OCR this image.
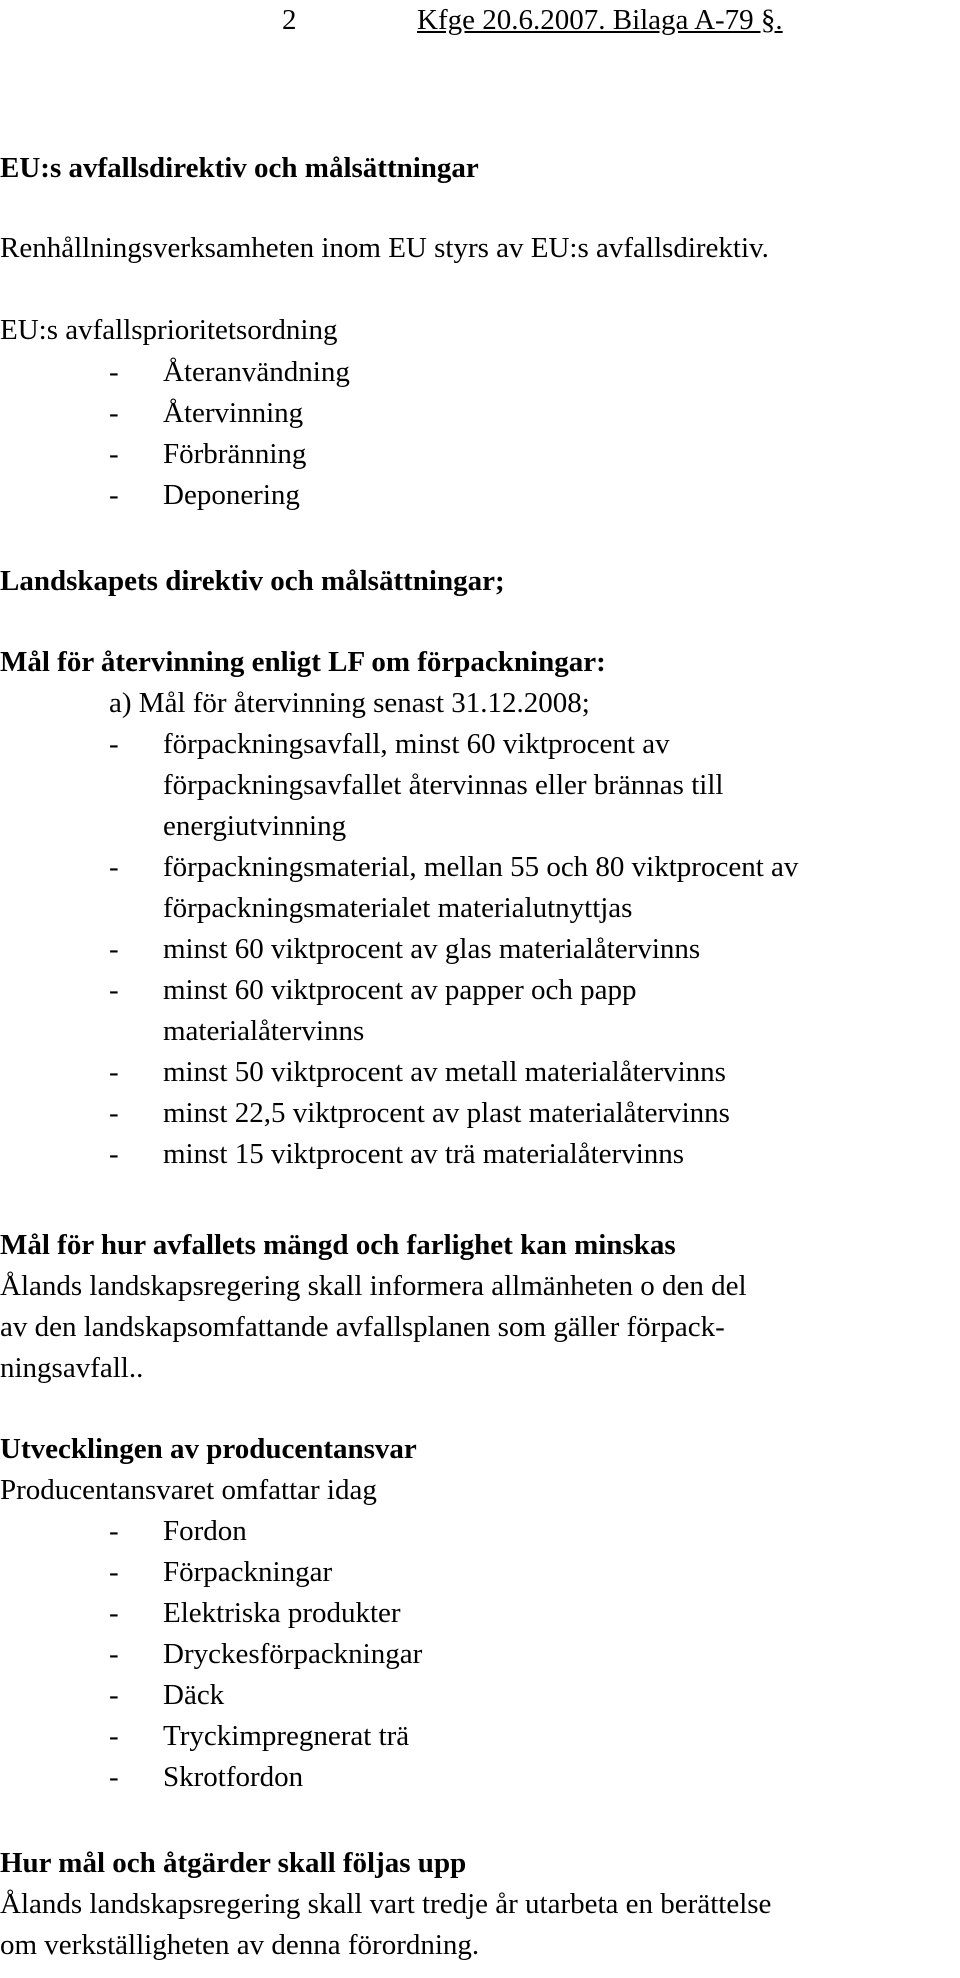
2	Kfge 20.6.2007. Bilaga A-79 §.
EU:s avfallsdirektiv och målsättningar
Renhållningsverksamheten inom EU styrs av EU:s avfallsdirektiv.
EU:s avfallsprioritetsordning
- Återanvändning
- Återvinning
- Förbränning
- Deponering
Landskapets direktiv och målsättningar;
Mål för återvinning enligt LF om förpackningar:
a) Mål för återvinning senast 31.12.2008;
- förpackningsavfall, minst 60 viktprocent av
förpackningsavfallet återvinnas eller brännas till
energiutvinning
- förpackningsmaterial, mellan 55 och 80 viktprocent av
förpackningsmaterialet materialutnyttjas
- minst 60 viktprocent av glas materialåtervinns
- minst 60 viktprocent av papper och papp
materialåtervinns
- minst 50 viktprocent av metall materialåtervinns
- minst 22,5 viktprocent av plast materialåtervinns
- minst 15 viktprocent av trä materialåtervinns
Mål för hur avfallets mängd och farlighet kan minskas
Ålands landskapsregering skall informera allmänheten o den del
av den landskapsomfattande avfallsplanen som gäller förpack-
ningsavfall..
Utvecklingen av producentansvar
Producentansvaret omfattar idag
- Fordon
- Förpackningar
- Elektriska produkter
- Dryckesförpackningar
- Däck
- Tryckimpregnerat trä
- Skrotfordon
Hur mål och åtgärder skall följas upp
Ålands landskapsregering skall vart tredje år utarbeta en berättelse
om verkställigheten av denna förordning.
